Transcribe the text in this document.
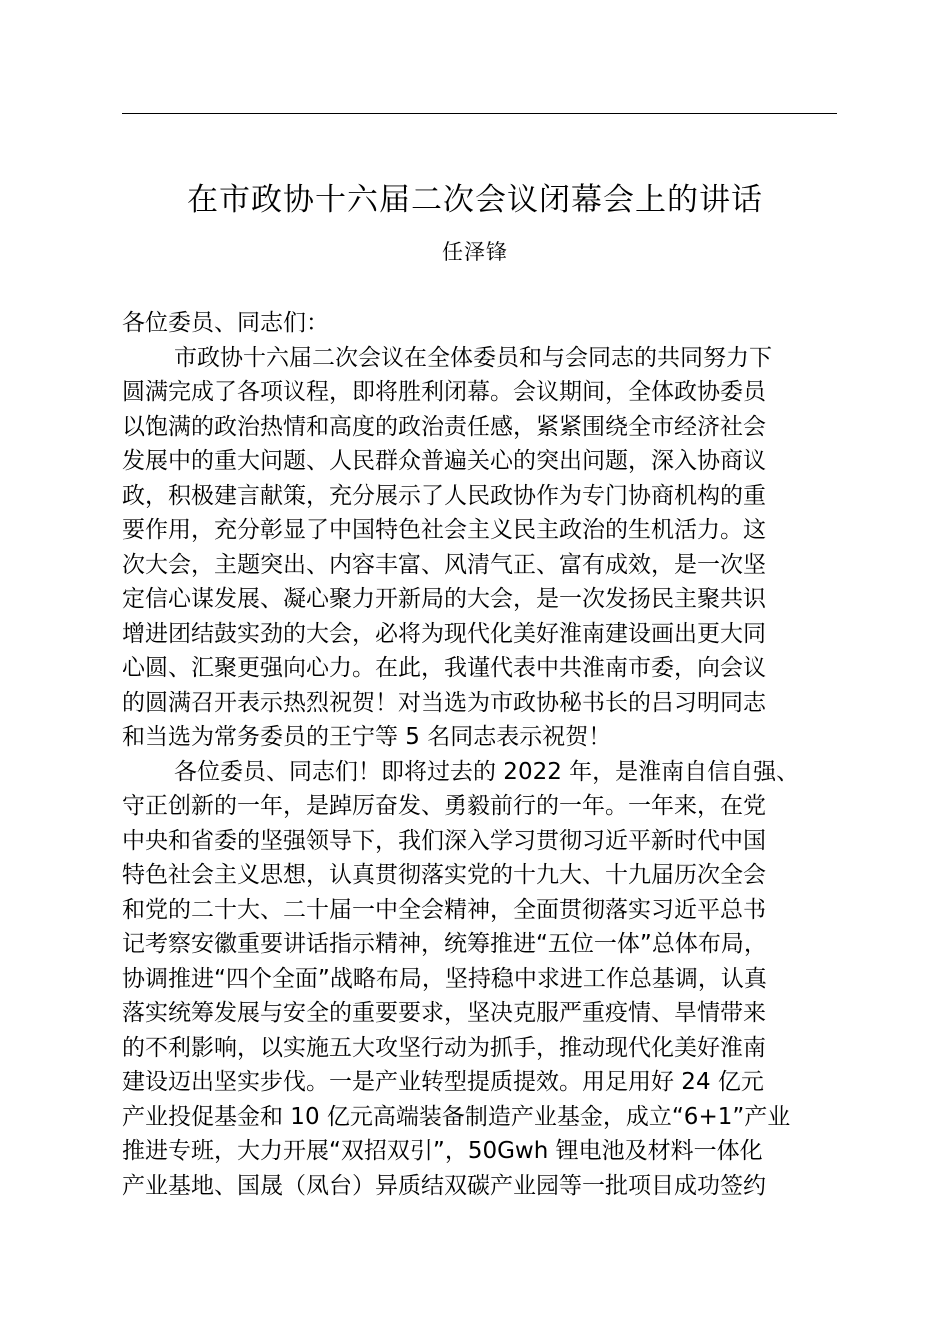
在市政协十六届二次会议闭幕会上的讲话
任泽锋
各位委员、同志们：
市政协十六届二次会议在全体委员和与会同志的共同努力下
圆满完成了各项议程，即将胜利闭幕。会议期间，全体政协委员
以饱满的政治热情和高度的政治责任感，紧紧围绕全市经济社会
发展中的重大问题、人民群众普遍关心的突出问题，深入协商议
政，积极建言献策，充分展示了人民政协作为专门协商机构的重
要作用，充分彰显了中国特色社会主义民主政治的生机活力。这
次大会，主题突出、内容丰富、风清气正、富有成效，是一次坚
定信心谋发展、凝心聚力开新局的大会，是一次发扬民主聚共识
增进团结鼓实劲的大会，必将为现代化美好淮南建设画出更大同
心圆、汇聚更强向心力。在此，我谨代表中共淮南市委，向会议
的圆满召开表示热烈祝贺！对当选为市政协秘书长的吕习明同志
和当选为常务委员的王宁等 5 名同志表示祝贺！
各位委员、同志们！即将过去的 2022 年，是淮南自信自强、
守正创新的一年，是踔厉奋发、勇毅前行的一年。一年来，在党
中央和省委的坚强领导下，我们深入学习贯彻习近平新时代中国
特色社会主义思想，认真贯彻落实党的十九大、十九届历次全会
和党的二十大、二十届一中全会精神，全面贯彻落实习近平总书
记考察安徽重要讲话指示精神，统筹推进“五位一体”总体布局，
协调推进“四个全面”战略布局，坚持稳中求进工作总基调，认真
落实统筹发展与安全的重要要求，坚决克服严重疫情、旱情带来
的不利影响，以实施五大攻坚行动为抓手，推动现代化美好淮南
建设迈出坚实步伐。一是产业转型提质提效。用足用好 24 亿元
产业投促基金和 10 亿元高端装备制造产业基金，成立“6+1”产业
推进专班，大力开展“双招双引”，50Gwh 锂电池及材料一体化
产业基地、国晟（凤台）异质结双碳产业园等一批项目成功签约
